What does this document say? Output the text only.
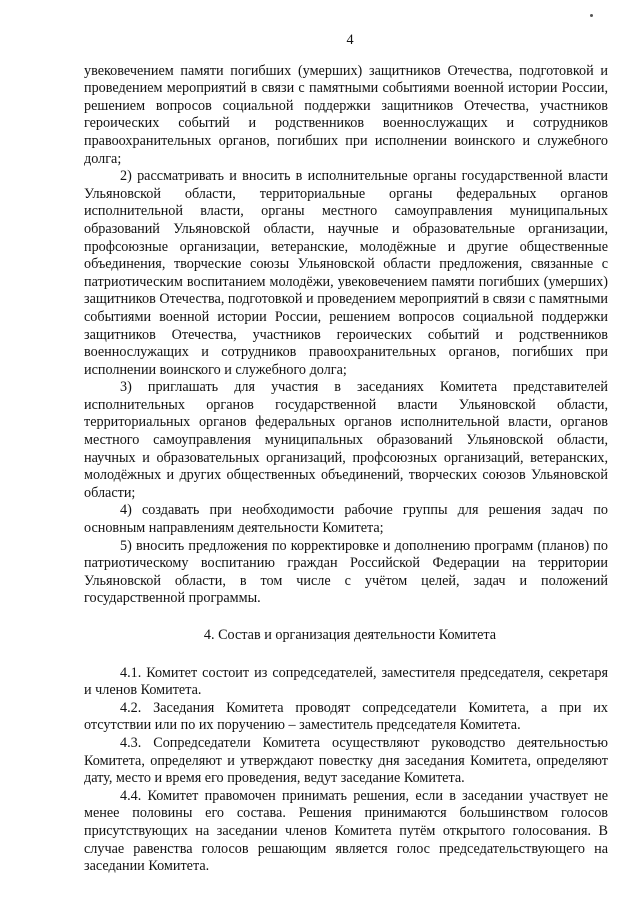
4

увековечением памяти погибших (умерших) защитников Отечества, подготовкой и проведением мероприятий в связи с памятными событиями военной истории России, решением вопросов социальной поддержки защитников Отечества, участников героических событий и родственников военнослужащих и сотрудников правоохранительных органов, погибших при исполнении воинского и служебного долга;

2) рассматривать и вносить в исполнительные органы государственной власти Ульяновской области, территориальные органы федеральных органов исполнительной власти, органы местного самоуправления муниципальных образований Ульяновской области, научные и образовательные организации, профсоюзные организации, ветеранские, молодёжные и другие общественные объединения, творческие союзы Ульяновской области предложения, связанные с патриотическим воспитанием молодёжи, увековечением памяти погибших (умерших) защитников Отечества, подготовкой и проведением мероприятий в связи с памятными событиями военной истории России, решением вопросов социальной поддержки защитников Отечества, участников героических событий и родственников военнослужащих и сотрудников правоохранительных органов, погибших при исполнении воинского и служебного долга;

3) приглашать для участия в заседаниях Комитета представителей исполнительных органов государственной власти Ульяновской области, территориальных органов федеральных органов исполнительной власти, органов местного самоуправления муниципальных образований Ульяновской области, научных и образовательных организаций, профсоюзных организаций, ветеранских, молодёжных и других общественных объединений, творческих союзов Ульяновской области;

4) создавать при необходимости рабочие группы для решения задач по основным направлениям деятельности Комитета;

5) вносить предложения по корректировке и дополнению программ (планов) по патриотическому воспитанию граждан Российской Федерации на территории Ульяновской области, в том числе с учётом целей, задач и положений государственной программы.

4. Состав и организация деятельности Комитета

4.1. Комитет состоит из сопредседателей, заместителя председателя, секретаря и членов Комитета.

4.2. Заседания Комитета проводят сопредседатели Комитета, а при их отсутствии или по их поручению – заместитель председателя Комитета.

4.3. Сопредседатели Комитета осуществляют руководство деятельностью Комитета, определяют и утверждают повестку дня заседания Комитета, определяют дату, место и время его проведения, ведут заседание Комитета.

4.4. Комитет правомочен принимать решения, если в заседании участвует не менее половины его состава. Решения принимаются большинством голосов присутствующих на заседании членов Комитета путём открытого голосования. В случае равенства голосов решающим является голос председательствующего на заседании Комитета.
